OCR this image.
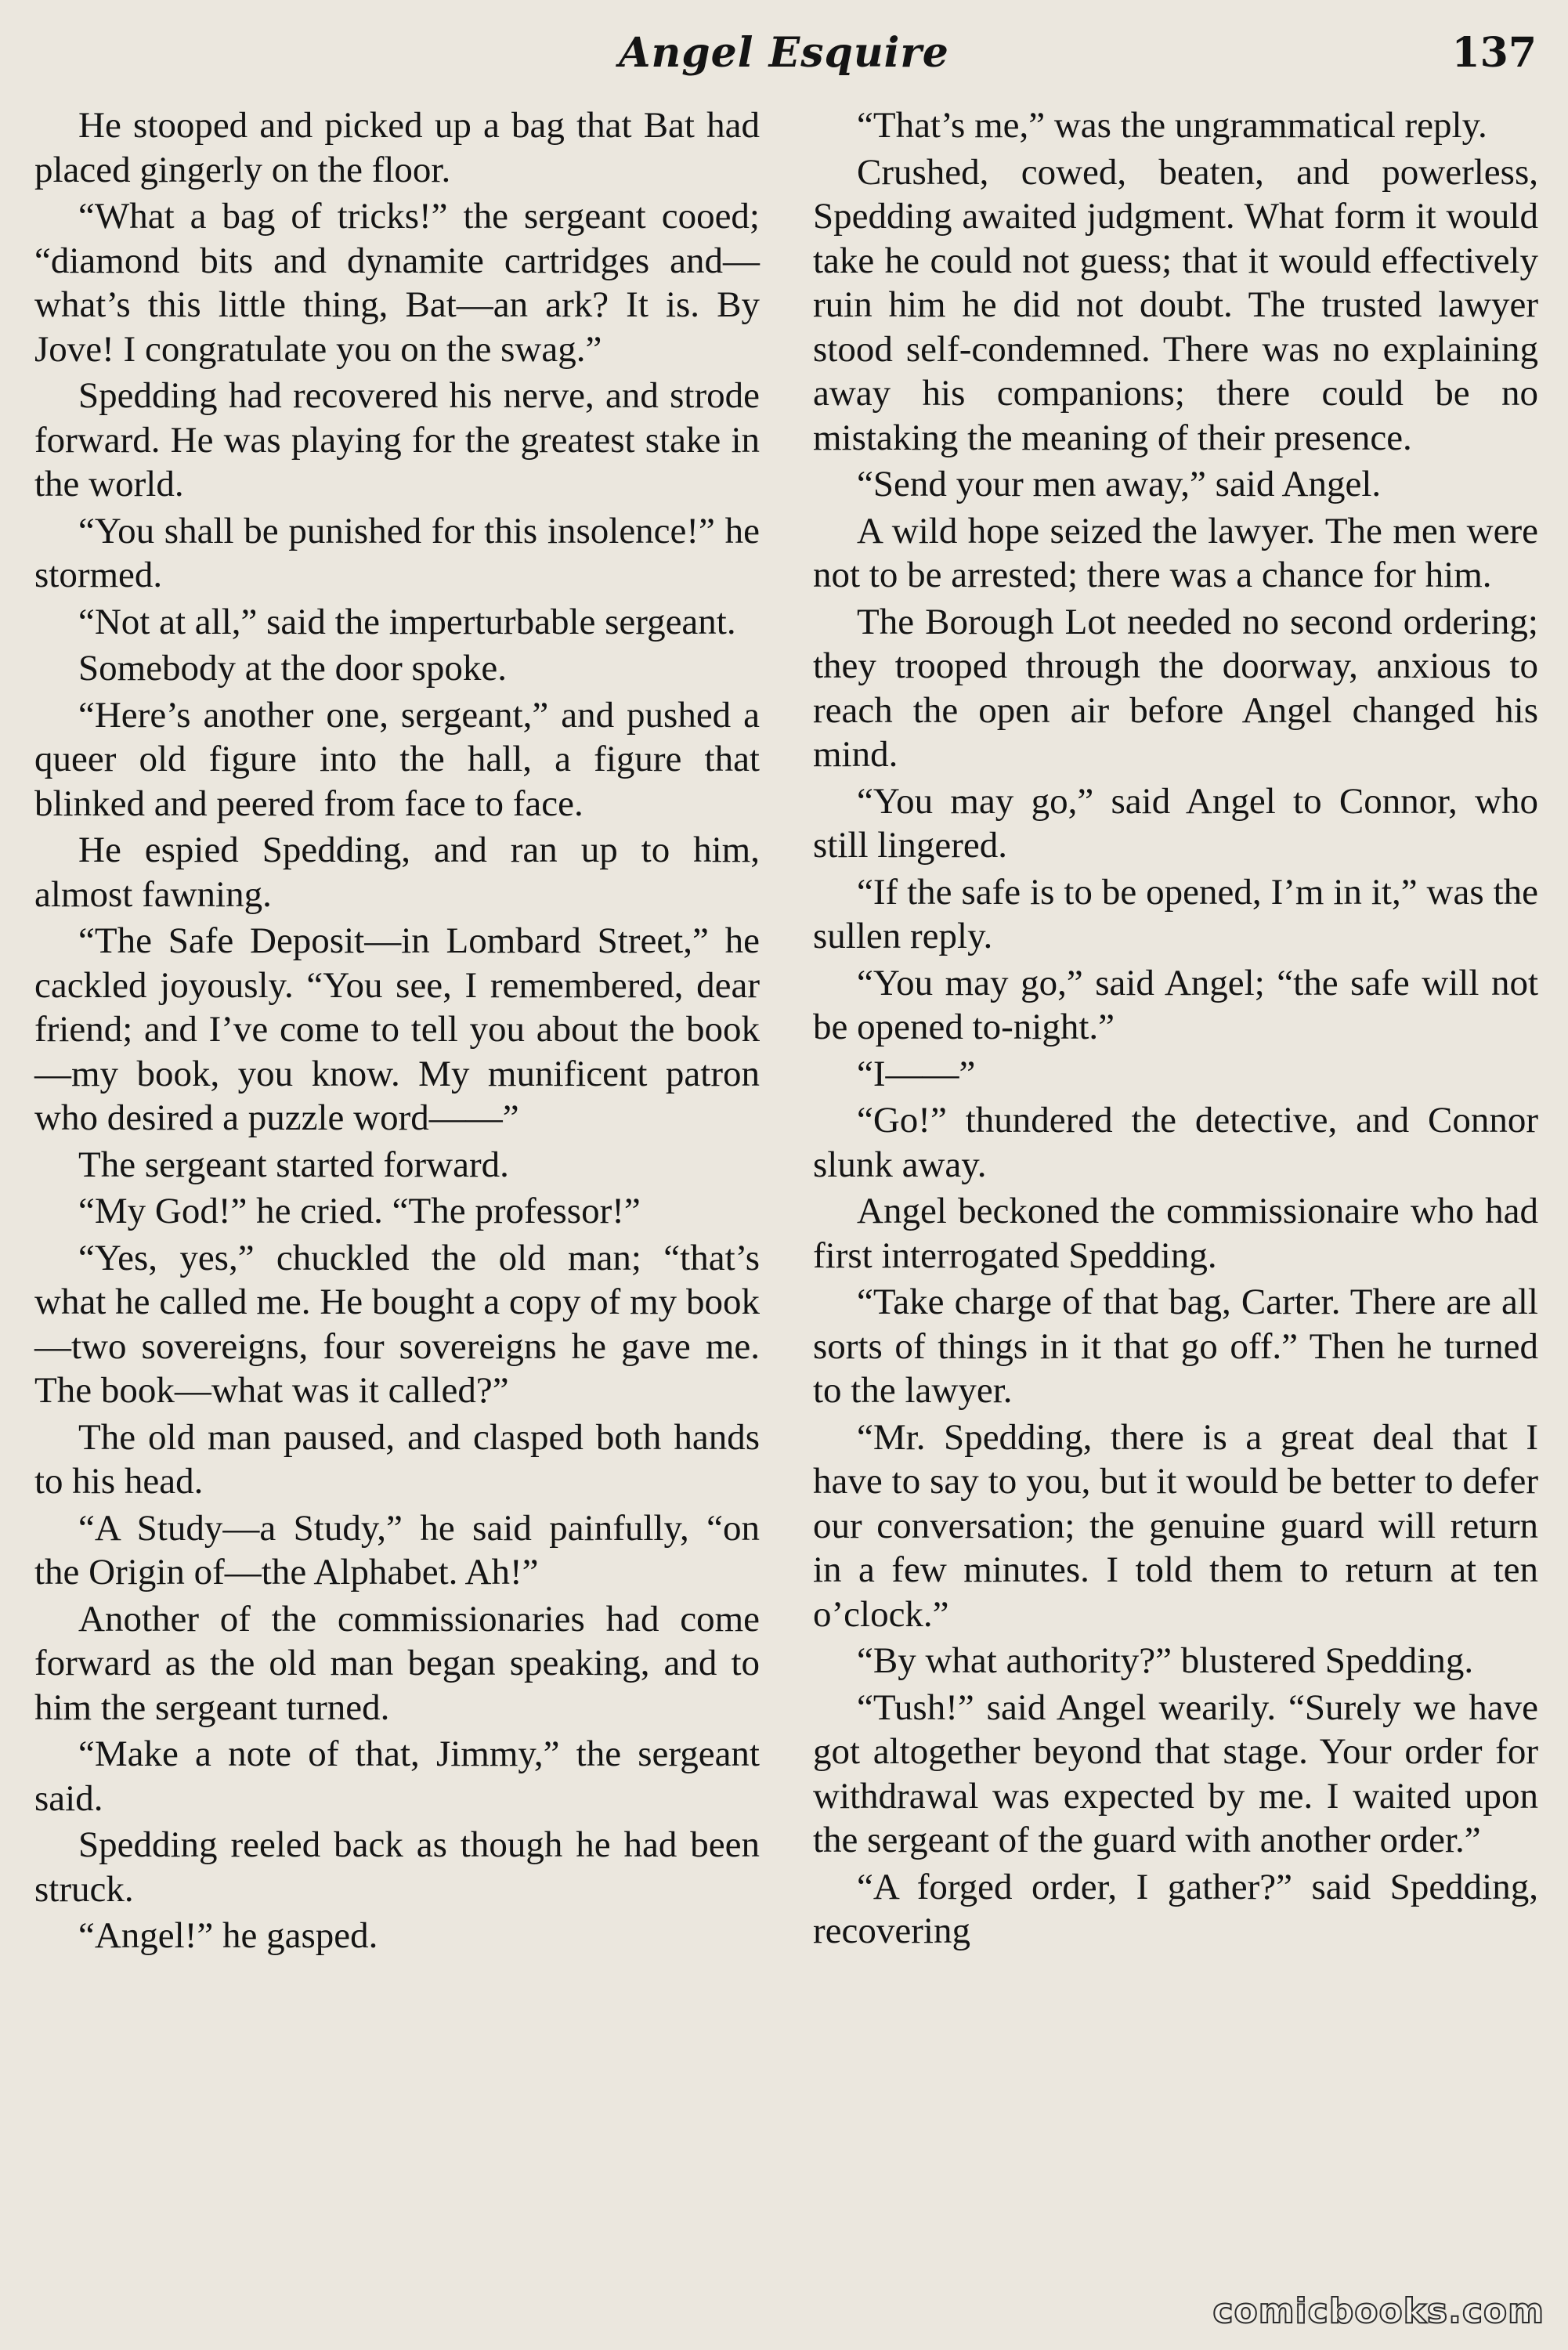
Angel Esquire	137

He stooped and picked up a bag that Bat had placed gingerly on the floor.

“What a bag of tricks!” the sergeant cooed; “diamond bits and dynamite cartridges and—what’s this little thing, Bat—an ark? It is. By Jove! I congratulate you on the swag.”

Spedding had recovered his nerve, and strode forward. He was playing for the greatest stake in the world.

“You shall be punished for this insolence!” he stormed.

“Not at all,” said the imperturbable sergeant.

Somebody at the door spoke.

“Here’s another one, sergeant,” and pushed a queer old figure into the hall, a figure that blinked and peered from face to face.

He espied Spedding, and ran up to him, almost fawning.

“The Safe Deposit—in Lombard Street,” he cackled joyously. “You see, I remembered, dear friend; and I’ve come to tell you about the book—my book, you know. My munificent patron who desired a puzzle word——”

The sergeant started forward.

“My God!” he cried. “The professor!”

“Yes, yes,” chuckled the old man; “that’s what he called me. He bought a copy of my book—two sovereigns, four sovereigns he gave me. The book—what was it called?”

The old man paused, and clasped both hands to his head.

“A Study—a Study,” he said painfully, “on the Origin of—the Alphabet. Ah!”

Another of the commissionaries had come forward as the old man began speaking, and to him the sergeant turned.

“Make a note of that, Jimmy,” the sergeant said.

Spedding reeled back as though he had been struck.

“Angel!” he gasped.

“That’s me,” was the ungrammatical reply.

Crushed, cowed, beaten, and powerless, Spedding awaited judgment. What form it would take he could not guess; that it would effectively ruin him he did not doubt. The trusted lawyer stood self-condemned. There was no explaining away his companions; there could be no mistaking the meaning of their presence.

“Send your men away,” said Angel.

A wild hope seized the lawyer. The men were not to be arrested; there was a chance for him.

The Borough Lot needed no second ordering; they trooped through the doorway, anxious to reach the open air before Angel changed his mind.

“You may go,” said Angel to Connor, who still lingered.

“If the safe is to be opened, I’m in it,” was the sullen reply.

“You may go,” said Angel; “the safe will not be opened to-night.”

“I——”

“Go!” thundered the detective, and Connor slunk away.

Angel beckoned the commissionaire who had first interrogated Spedding.

“Take charge of that bag, Carter. There are all sorts of things in it that go off.” Then he turned to the lawyer.

“Mr. Spedding, there is a great deal that I have to say to you, but it would be better to defer our conversation; the genuine guard will return in a few minutes. I told them to return at ten o’clock.”

“By what authority?” blustered Spedding.

“Tush!” said Angel wearily. “Surely we have got altogether beyond that stage. Your order for withdrawal was expected by me. I waited upon the sergeant of the guard with another order.”

“A forged order, I gather?” said Spedding, recovering

comicbooks.com
